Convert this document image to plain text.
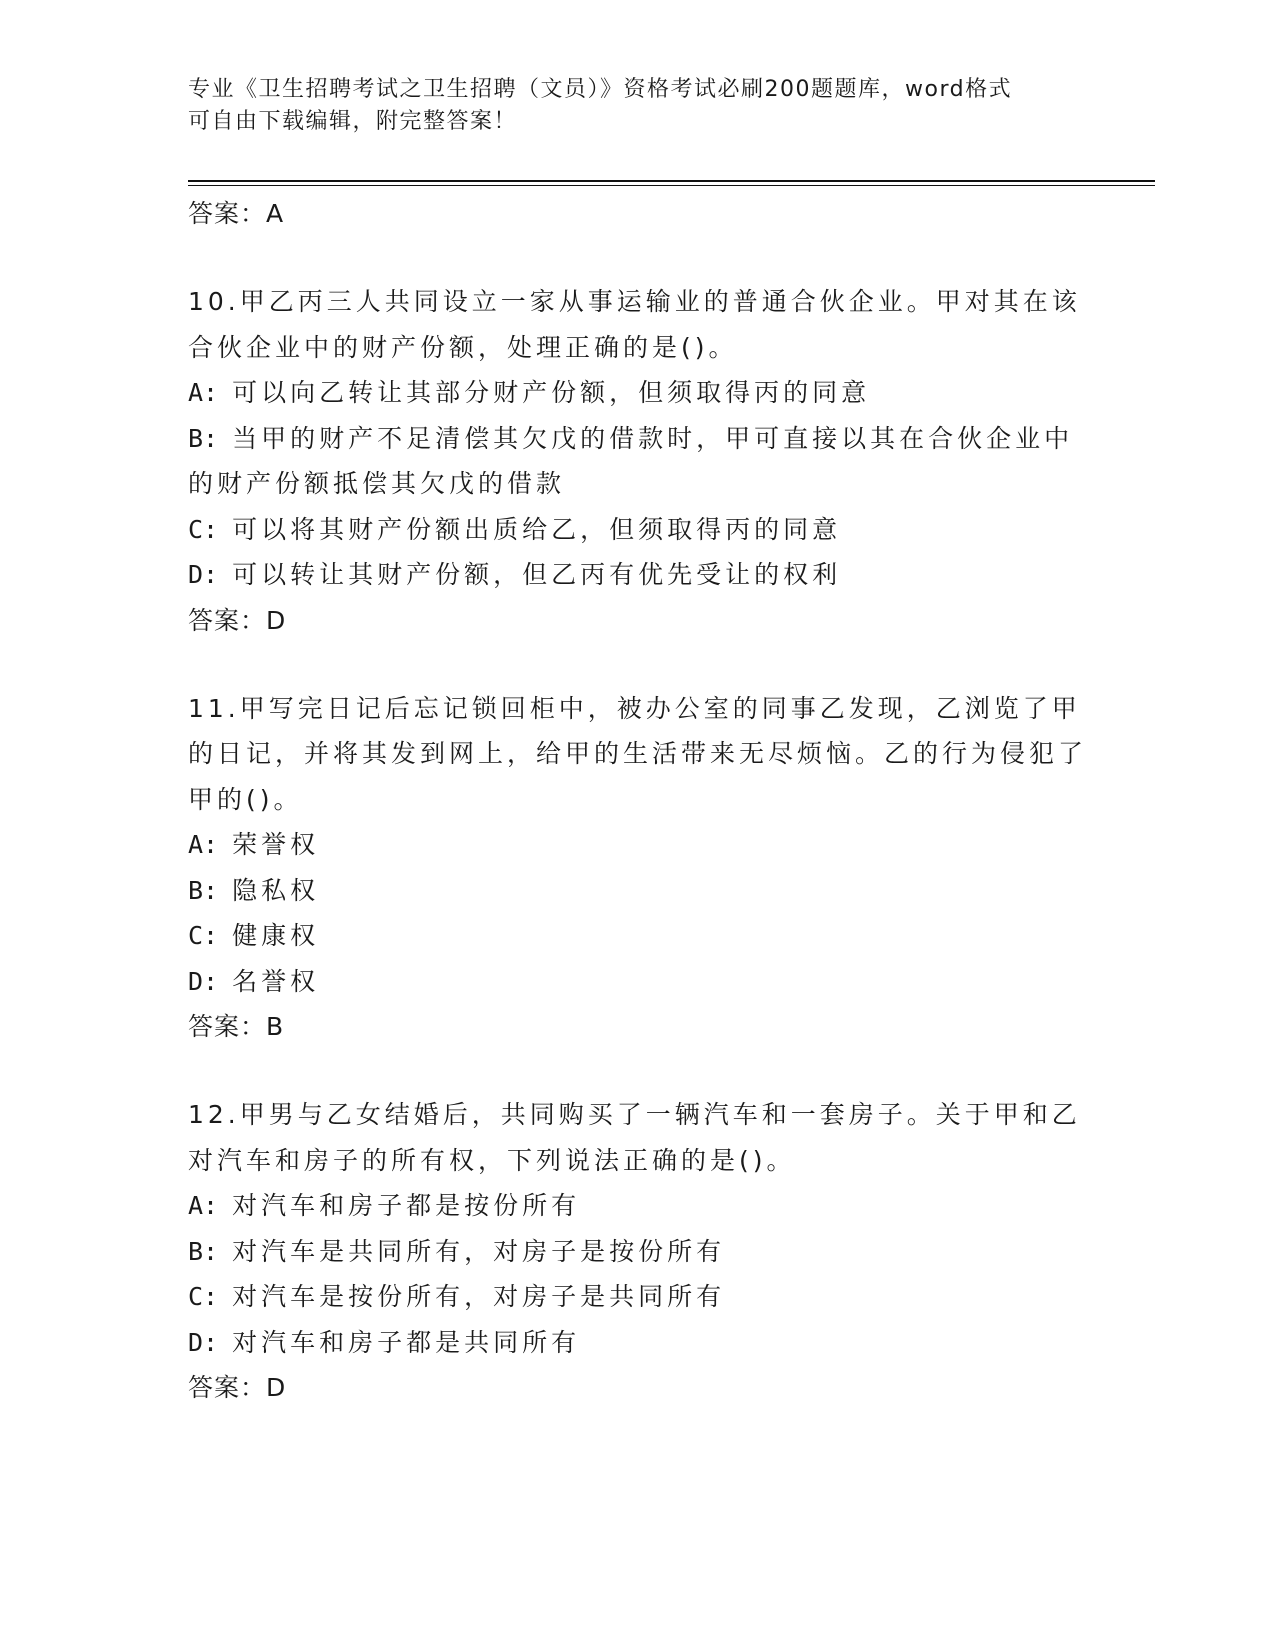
专业《卫生招聘考试之卫生招聘（文员）》资格考试必刷200题题库，word格式
可自由下载编辑，附完整答案！
答案：A
10.甲乙丙三人共同设立一家从事运输业的普通合伙企业。甲对其在该合伙企业中的财产份额，处理正确的是()。
A: 可以向乙转让其部分财产份额，但须取得丙的同意
B: 当甲的财产不足清偿其欠戊的借款时，甲可直接以其在合伙企业中的财产份额抵偿其欠戊的借款
C: 可以将其财产份额出质给乙，但须取得丙的同意
D: 可以转让其财产份额，但乙丙有优先受让的权利
答案：D
11.甲写完日记后忘记锁回柜中，被办公室的同事乙发现，乙浏览了甲的日记，并将其发到网上，给甲的生活带来无尽烦恼。乙的行为侵犯了甲的()。
A: 荣誉权
B: 隐私权
C: 健康权
D: 名誉权
答案：B
12.甲男与乙女结婚后，共同购买了一辆汽车和一套房子。关于甲和乙对汽车和房子的所有权，下列说法正确的是()。
A: 对汽车和房子都是按份所有
B: 对汽车是共同所有，对房子是按份所有
C: 对汽车是按份所有，对房子是共同所有
D: 对汽车和房子都是共同所有
答案：D
